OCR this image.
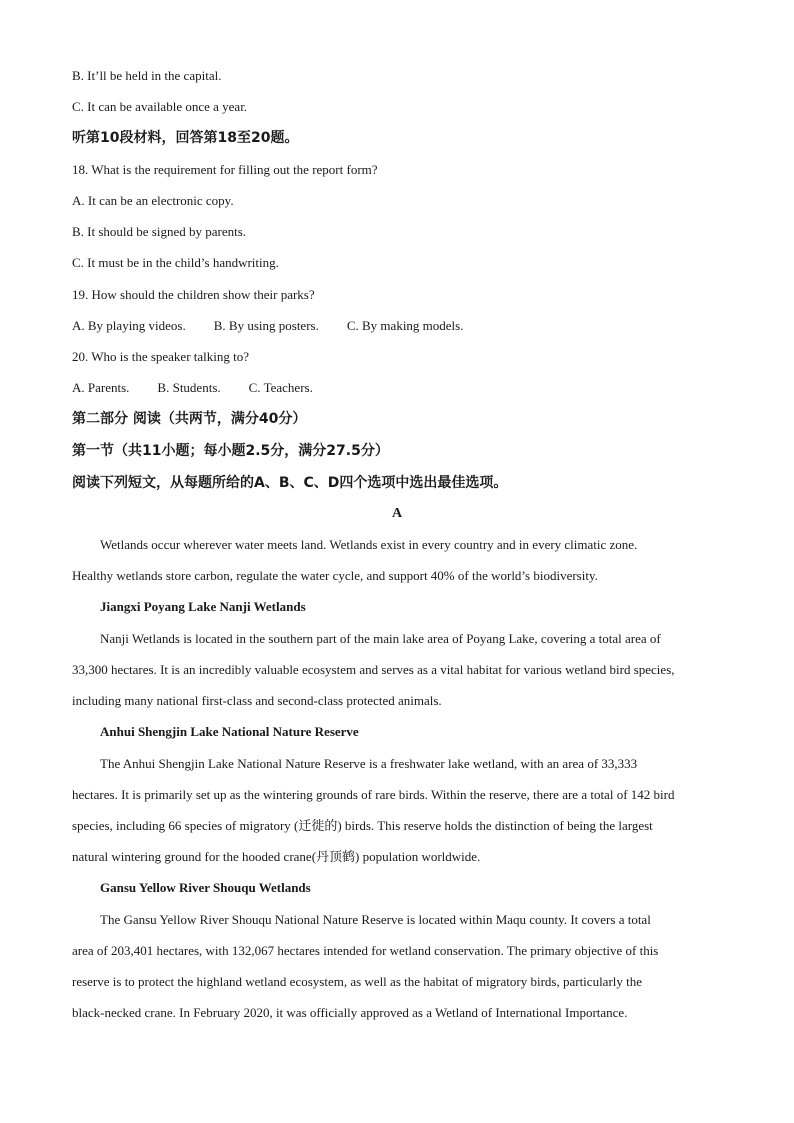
B. It’ll be held in the capital.
C. It can be available once a year.
听第10段材料，回答第18至20题。
18. What is the requirement for filling out the report form?
A. It can be an electronic copy.
B. It should be signed by parents.
C. It must be in the child’s handwriting.
19. How should the children show their parks?
A. By playing videos. B. By using posters. C. By making models.
20. Who is the speaker talking to?
A. Parents. B. Students. C. Teachers.
第二部分 阅读（共两节，满分40分）
第一节（共11小题；每小题2.5分，满分27.5分）
阅读下列短文，从每题所给的A、B、C、D四个选项中选出最佳选项。
A
Wetlands occur wherever water meets land. Wetlands exist in every country and in every climatic zone.
Healthy wetlands store carbon, regulate the water cycle, and support 40% of the world’s biodiversity.
Jiangxi Poyang Lake Nanji Wetlands
Nanji Wetlands is located in the southern part of the main lake area of Poyang Lake, covering a total area of
33,300 hectares. It is an incredibly valuable ecosystem and serves as a vital habitat for various wetland bird species,
including many national first-class and second-class protected animals.
Anhui Shengjin Lake National Nature Reserve
The Anhui Shengjin Lake National Nature Reserve is a freshwater lake wetland, with an area of 33,333
hectares. It is primarily set up as the wintering grounds of rare birds. Within the reserve, there are a total of 142 bird
species, including 66 species of migratory (迁徙的) birds. This reserve holds the distinction of being the largest
natural wintering ground for the hooded crane(丹顶鹤) population worldwide.
Gansu Yellow River Shouqu Wetlands
The Gansu Yellow River Shouqu National Nature Reserve is located within Maqu county. It covers a total
area of 203,401 hectares, with 132,067 hectares intended for wetland conservation. The primary objective of this
reserve is to protect the highland wetland ecosystem, as well as the habitat of migratory birds, particularly the
black-necked crane. In February 2020, it was officially approved as a Wetland of International Importance.
